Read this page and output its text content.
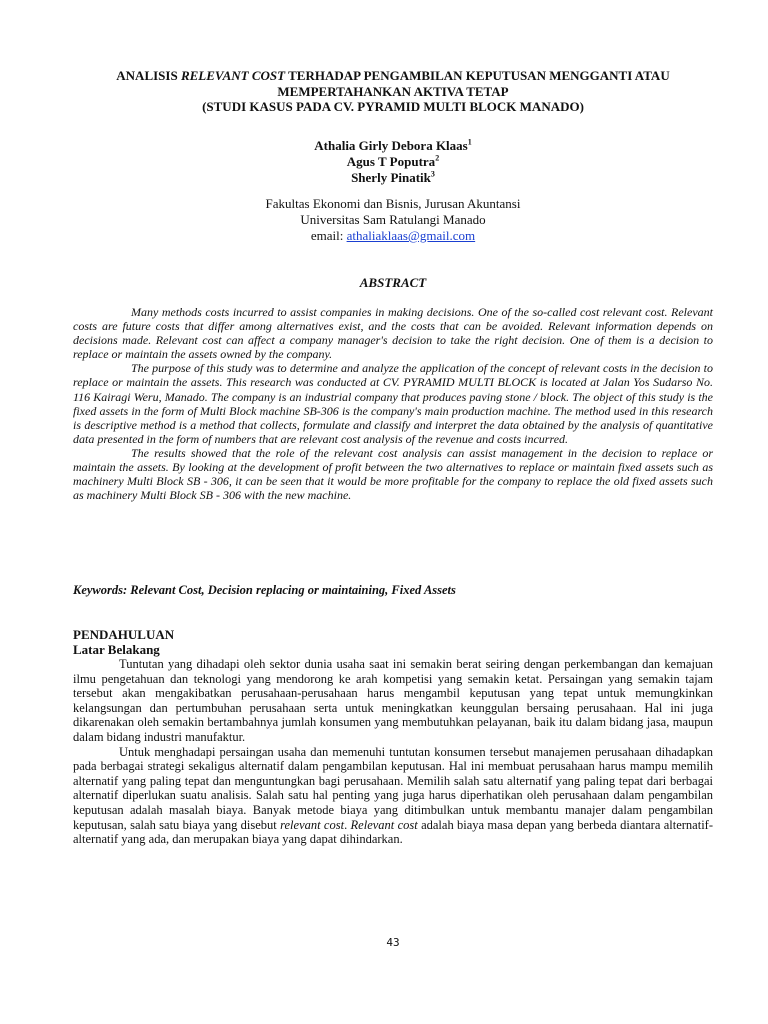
ANALISIS RELEVANT COST TERHADAP PENGAMBILAN KEPUTUSAN MENGGANTI ATAU
MEMPERTAHANKAN AKTIVA TETAP
(STUDI KASUS PADA CV. PYRAMID MULTI BLOCK MANADO)
Athalia Girly Debora Klaas$^1$
Agus T Poputra$^2$
Sherly Pinatik$^3$
Fakultas Ekonomi dan Bisnis, Jurusan Akuntansi
Universitas Sam Ratulangi Manado
email: athaliaklaas@gmail.com
ABSTRACT

Many methods costs incurred to assist companies in making decisions. One of the so-called cost relevant cost. Relevant costs are future costs that differ among alternatives exist, and the costs that can be avoided. Relevant information depends on decisions made. Relevant cost can affect a company manager's decision to take the right decision. One of them is a decision to replace or maintain the assets owned by the company.

The purpose of this study was to determine and analyze the application of the concept of relevant costs in the decision to replace or maintain the assets. This research was conducted at CV. PYRAMID MULTI BLOCK is located at Jalan Yos Sudarso No. 116 Kairagi Weru, Manado. The company is an industrial company that produces paving stone / block. The object of this study is the fixed assets in the form of Multi Block machine SB-306 is the company's main production machine. The method used in this research is descriptive method is a method that collects, formulate and classify and interpret the data obtained by the analysis of quantitative data presented in the form of numbers that are relevant cost analysis of the revenue and costs incurred.

The results showed that the role of the relevant cost analysis can assist management in the decision to replace or maintain the assets. By looking at the development of profit between the two alternatives to replace or maintain fixed assets such as machinery Multi Block SB - 306, it can be seen that it would be more profitable for the company to replace the old fixed assets such as machinery Multi Block SB - 306 with the new machine.

Keywords: Relevant Cost, Decision replacing or maintaining, Fixed Assets
PENDAHULUAN
Latar Belakang

Tuntutan yang dihadapi oleh sektor dunia usaha saat ini semakin berat seiring dengan perkembangan dan kemajuan ilmu pengetahuan dan teknologi yang mendorong ke arah kompetisi yang semakin ketat. Persaingan yang semakin tajam tersebut akan mengakibatkan perusahaan-perusahaan harus mengambil keputusan yang tepat untuk memungkinkan kelangsungan dan pertumbuhan perusahaan serta untuk meningkatkan keunggulan bersaing perusahaan. Hal ini juga dikarenakan oleh semakin bertambahnya jumlah konsumen yang membutuhkan pelayanan, baik itu dalam bidang jasa, maupun dalam bidang industri manufaktur.

Untuk menghadapi persaingan usaha dan memenuhi tuntutan konsumen tersebut manajemen perusahaan dihadapkan pada berbagai strategi sekaligus alternatif dalam pengambilan keputusan. Hal ini membuat perusahaan harus mampu memilih alternatif yang paling tepat dan menguntungkan bagi perusahaan. Memilih salah satu alternatif yang paling tepat dari berbagai alternatif diperlukan suatu analisis. Salah satu hal penting yang juga harus diperhatikan oleh perusahaan dalam pengambilan keputusan adalah masalah biaya. Banyak metode biaya yang ditimbulkan untuk membantu manajer dalam pengambilan keputusan, salah satu biaya yang disebut relevant cost. Relevant cost adalah biaya masa depan yang berbeda diantara alternatif-alternatif yang ada, dan merupakan biaya yang dapat dihindarkan.

43
